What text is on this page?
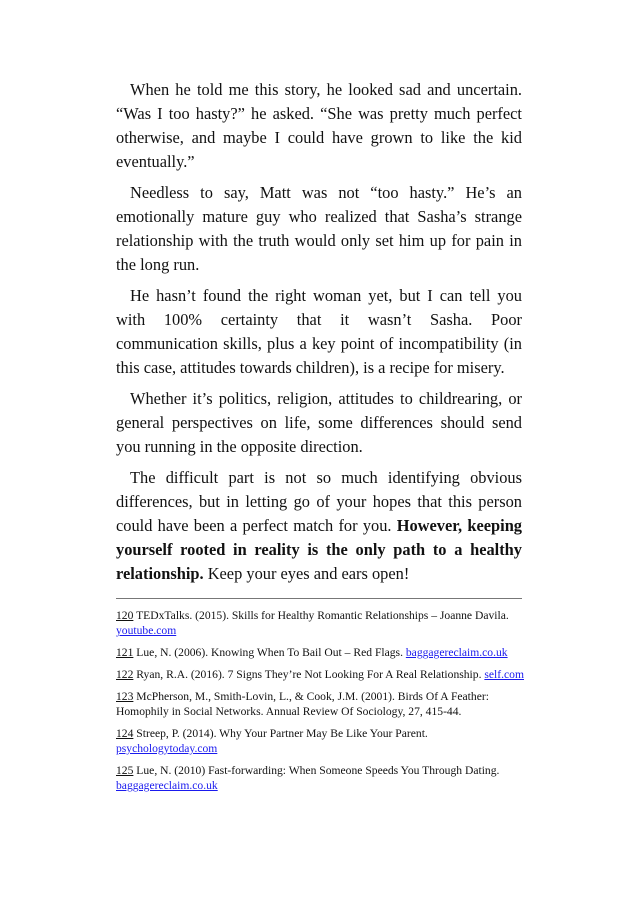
When he told me this story, he looked sad and uncertain. “Was I too hasty?” he asked. “She was pretty much perfect otherwise, and maybe I could have grown to like the kid eventually.”

Needless to say, Matt was not “too hasty.” He’s an emotionally mature guy who realized that Sasha’s strange relationship with the truth would only set him up for pain in the long run.

He hasn’t found the right woman yet, but I can tell you with 100% certainty that it wasn’t Sasha. Poor communication skills, plus a key point of incompatibility (in this case, attitudes towards children), is a recipe for misery.

Whether it’s politics, religion, attitudes to childrearing, or general perspectives on life, some differences should send you running in the opposite direction.

The difficult part is not so much identifying obvious differences, but in letting go of your hopes that this person could have been a perfect match for you. However, keeping yourself rooted in reality is the only path to a healthy relationship. Keep your eyes and ears open!

120 TEDxTalks. (2015). Skills for Healthy Romantic Relationships – Joanne Davila. youtube.com
121 Lue, N. (2006). Knowing When To Bail Out – Red Flags. baggagereclaim.co.uk
122 Ryan, R.A. (2016). 7 Signs They’re Not Looking For A Real Relationship. self.com
123 McPherson, M., Smith-Lovin, L., & Cook, J.M. (2001). Birds Of A Feather: Homophily in Social Networks. Annual Review Of Sociology, 27, 415-44.
124 Streep, P. (2014). Why Your Partner May Be Like Your Parent. psychologytoday.com
125 Lue, N. (2010) Fast-forwarding: When Someone Speeds You Through Dating. baggagereclaim.co.uk
